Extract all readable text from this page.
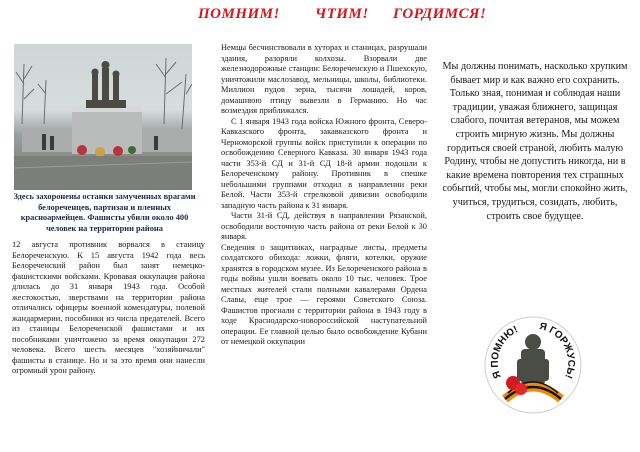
ПОМНИМ! ЧТИМ! ГОРДИМСЯ!
Здесь захоронены останки замученных врагами белореченцев, партизан и пленных красноармейцев. Фашисты убили около 400 человек на территории района

12 августа противник ворвался в станицу Белореченскую. К 15 августа 1942 года весь Белореченский район был занят немецко-фашистскими войсками. Кровавая оккупация района длилась до 31 января 1943 года. Особой жестокостью, зверствами на территории района отличались офицеры военной комендатуры, полевой жандармерии, пособники из числа предателей. Всего из станицы Белореченской фашистами и их пособниками уничтожено за время оккупации 272 человека. Всего шесть месяцев "хозяйничали" фашисты в станице. Но и за это время они нанесли огромный урон району.

Немцы бесчинствовали в хуторах и станицах, разрушали здания, разоряли колхозы. Взорвали две железнодорожные станции: Белореченскую и Пшехскую, уничтожили маслозавод, мельницы, школы, библиотеки. Миллион пудов зерна, тысячи лошадей, коров, домашнюю птицу вывезли в Германию. Но час возмездия приближался.

С 1 января 1943 года войска Южного фронта, Северо-Кавказского фронта, закавказского фронта и Черноморской группы войск приступили к операции по освобождению Северного Кавказа. 30 января 1943 года части 353-й СД и 31-й СД 18-й армии подошли к Белореченскому району. Противник в спешке небольшими группами отходил в направлении реки Белой. Части 353-й стрелковой дивизии освободили западную часть района к 31 января.

Части 31-й СД, действуя в направлении Рязанской, освободили восточную часть района от реки Белой к 30 января.

Сведения о защитниках, наградные листы, предметы солдатского обихода: ложки, фляги, котелки, оружие хранятся в городском музее. Из Белореченского района в годы войны ушли воевать около 10 тыс. человек. Трое местных жителей стали полными кавалерами Ордена Славы, еще трое — героями Советского Союза. Фашистов прогнали с территории района в 1943 году в ходе Краснодарско-новороссийской наступательной операции. Ее главной целью было освобождение Кубани от немецкой оккупации

Мы должны понимать, насколько хрупким бывает мир и как важно его сохранить. Только зная, понимая и соблюдая наши традиции, уважая ближнего, защищая слабого, почитая ветеранов, мы можем строить мирную жизнь. Мы должны гордиться своей страной, любить малую Родину, чтобы не допустить никогда, ни в какие времена повторения тех страшных событий, чтобы мы, могли спокойно жить, учиться, трудиться, созидать, любить, строить свое будущее.
Я ПОМНЮ! Я ГОРЖУСЬ!
